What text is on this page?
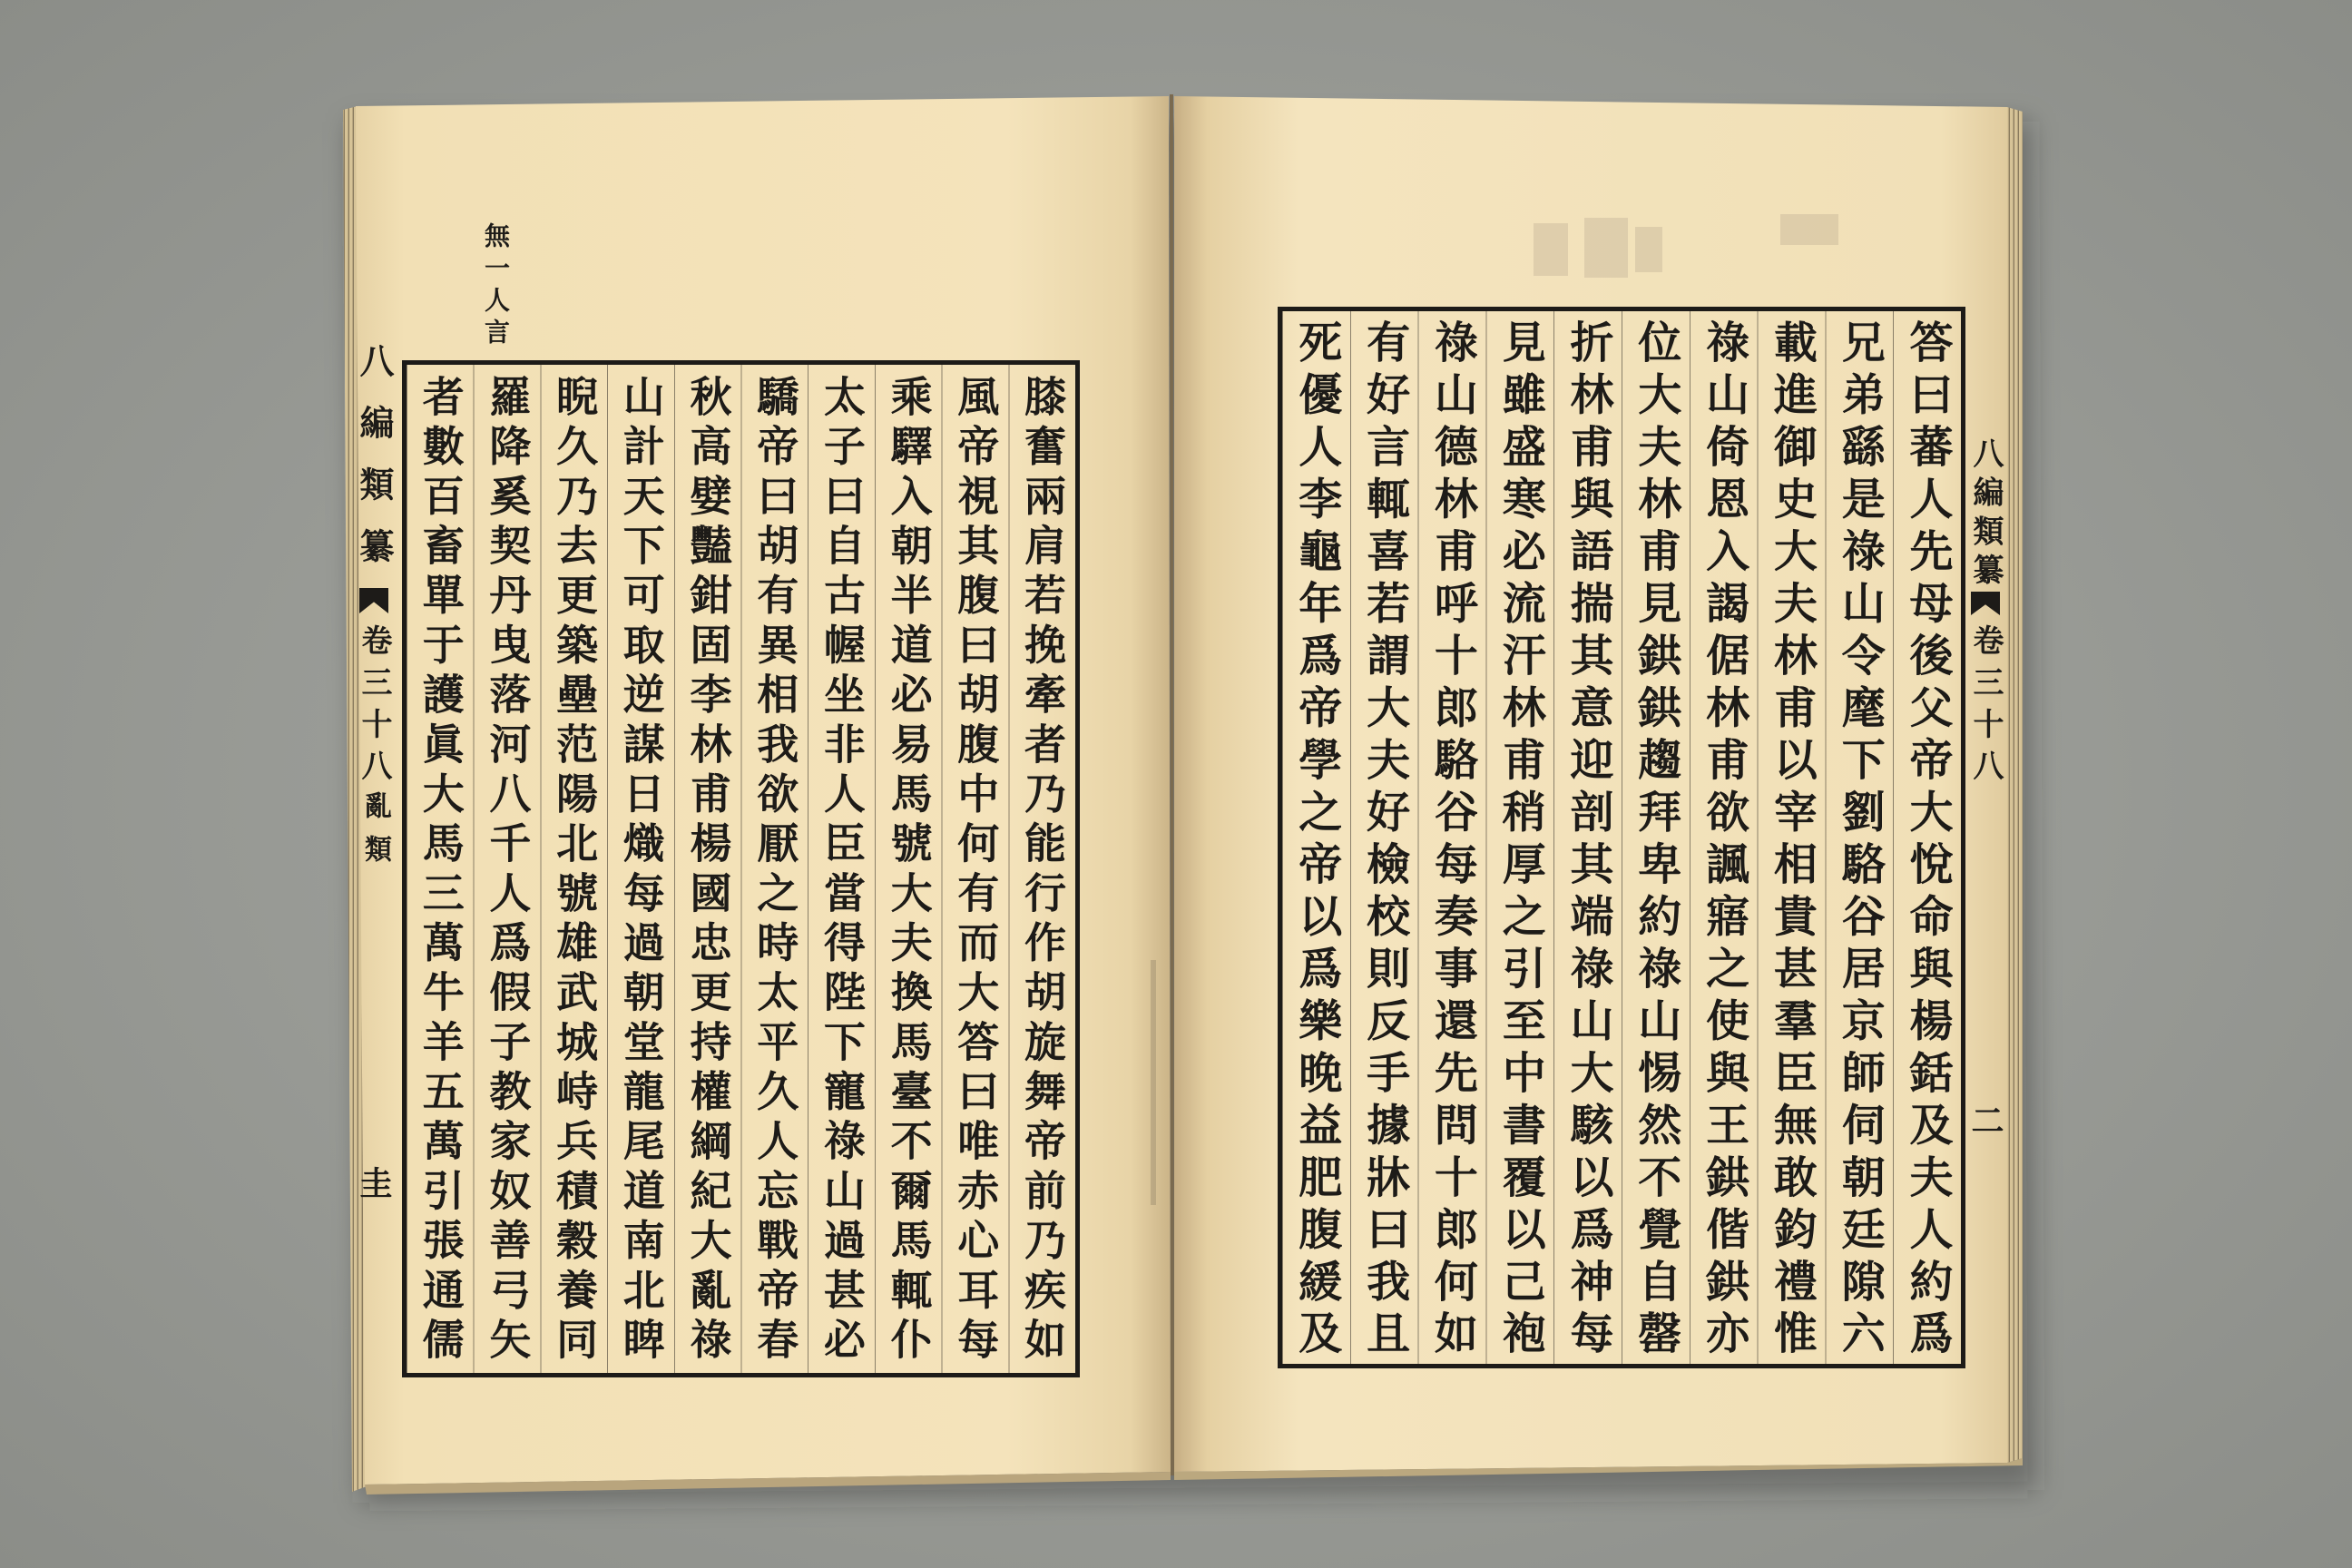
無一人言
八編類纂
卷三十八
亂類
圭	膝奮兩肩若挽牽者乃能行作胡旋舞帝前乃疾如
風帝視其腹曰胡腹中何有而大答曰唯赤心耳每
乘驛入朝半道必易馬號大夫換馬臺不爾馬輒仆
太子曰自古幄坐非人臣當得陛下寵祿山過甚必
驕帝曰胡有異相我欲厭之時太平久人忘戰帝春
秋高嬖豔鉗固李林甫楊國忠更持權綱紀大亂祿
山計天下可取逆謀日熾每過朝堂龍尾道南北睥
睨久乃去更築壘范陽北號雄武城峙兵積穀養同
羅降奚契丹曳落河八千人爲假子教家奴善弓矢
者數百畜單于護眞大馬三萬牛羊五萬引張通儒	答曰蕃人先母後父帝大悅命與楊銛及夫人約爲
兄弟繇是祿山令麾下劉駱谷居京師伺朝廷隙六
載進御史大夫林甫以宰相貴甚羣臣無敢鈞禮惟
祿山倚恩入謁倨林甫欲諷寤之使與王鉷偕鉷亦
位大夫林甫見鉷鉷趨拜卑約祿山惕然不覺自罄
折林甫與語揣其意迎剖其端祿山大駭以爲神每
見雖盛寒必流汗林甫稍厚之引至中書覆以己袍
祿山德林甫呼十郎駱谷每奏事還先問十郎何如
有好言輒喜若謂大夫好檢校則反手據牀曰我且
死優人李龜年爲帝學之帝以爲樂晚益肥腹緩及	八編類纂
卷三十八
二
